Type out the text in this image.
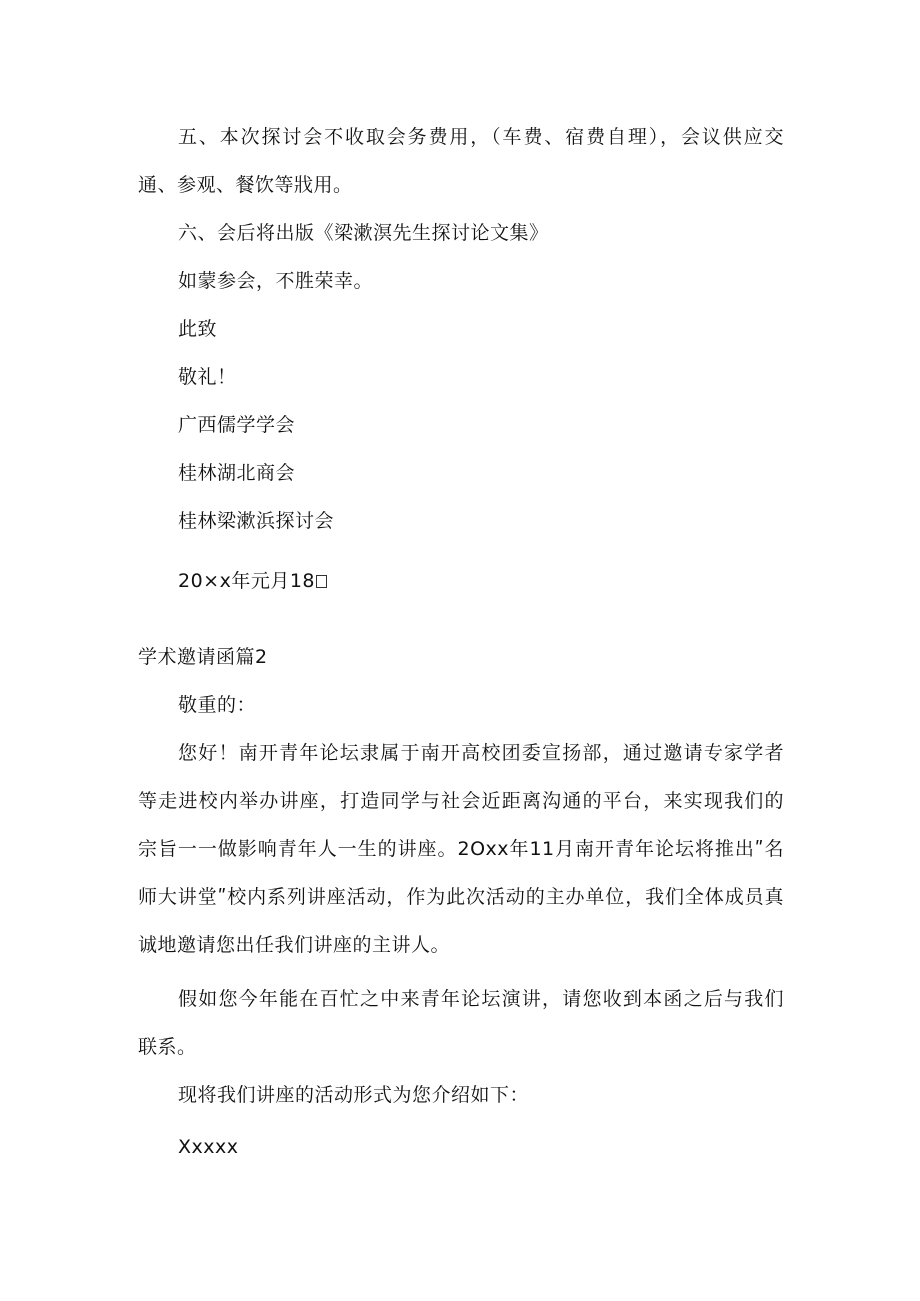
五、本次探讨会不收取会务费用，（车费、宿费自理），会议供应交
通、参观、餐饮等戕用。
六、会后将出版《梁漱溟先生探讨论文集》
如蒙参会，不胜荣幸。
此致
敬礼！
广西儒学学会
桂林湖北商会
桂林梁漱浜探讨会
20×x年元月18
学术邀请函篇2
敬重的：
您好！南开青年论坛隶属于南开高校团委宣扬部，通过邀请专家学者
等走进校内举办讲座，打造同学与社会近距离沟通的平台，来实现我们的
宗旨一一做影响青年人一生的讲座。2Oxx年11月南开青年论坛将推出ʺ名
师大讲堂ʺ校内系列讲座活动，作为此次活动的主办单位，我们全体成员真
诚地邀请您出任我们讲座的主讲人。
假如您今年能在百忙之中来青年论坛演讲，请您收到本函之后与我们
联系。
现将我们讲座的活动形式为您介绍如下：
Xxxxx
